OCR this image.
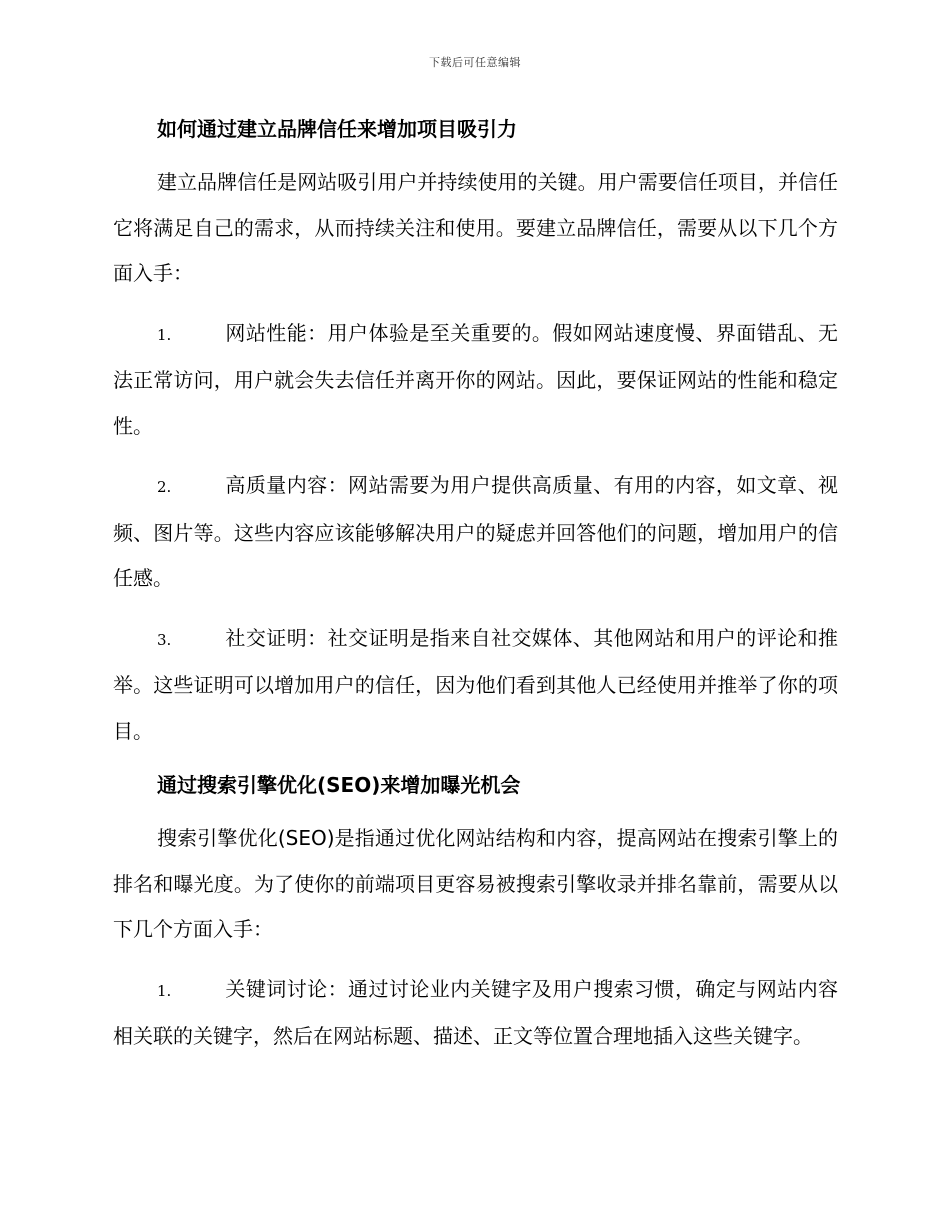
下载后可任意编辑
如何通过建立品牌信任来增加项目吸引力

建立品牌信任是网站吸引用户并持续使用的关键。用户需要信任项目，并信任它将满足自己的需求，从而持续关注和使用。要建立品牌信任，需要从以下几个方面入手：

1.	网站性能：用户体验是至关重要的。假如网站速度慢、界面错乱、无法正常访问，用户就会失去信任并离开你的网站。因此，要保证网站的性能和稳定性。

2.	高质量内容：网站需要为用户提供高质量、有用的内容，如文章、视频、图片等。这些内容应该能够解决用户的疑虑并回答他们的问题，增加用户的信任感。

3.	社交证明：社交证明是指来自社交媒体、其他网站和用户的评论和推举。这些证明可以增加用户的信任，因为他们看到其他人已经使用并推举了你的项目。

通过搜索引擎优化(SEO)来增加曝光机会

搜索引擎优化(SEO)是指通过优化网站结构和内容，提高网站在搜索引擎上的排名和曝光度。为了使你的前端项目更容易被搜索引擎收录并排名靠前，需要从以下几个方面入手：

1.	关键词讨论：通过讨论业内关键字及用户搜索习惯，确定与网站内容相关联的关键字，然后在网站标题、描述、正文等位置合理地插入这些关键字。
